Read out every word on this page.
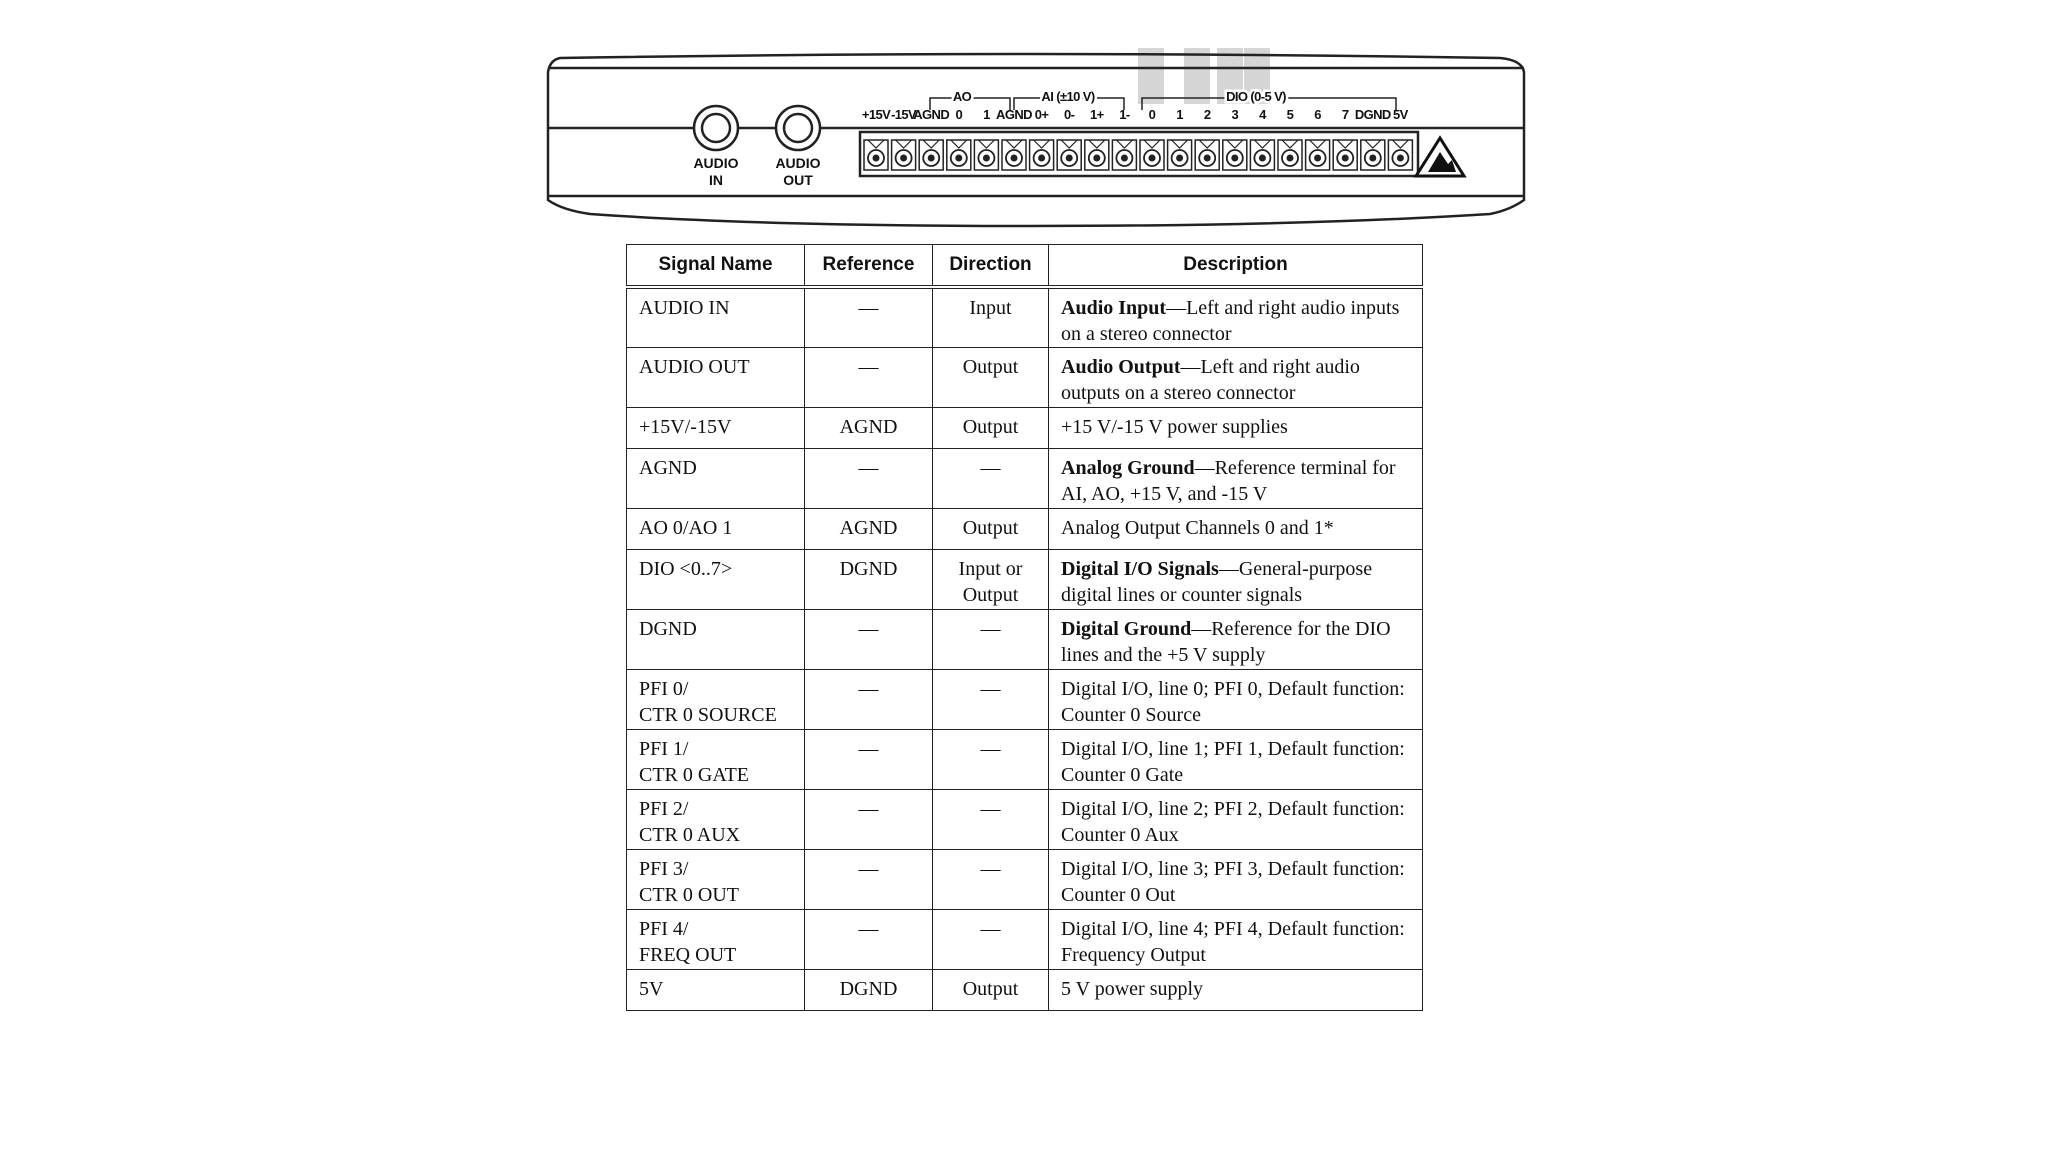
AUDIO
IN
AUDIO
OUT
AO	AI (±10 V)	DIO (0-5 V)
+15V -15V
AGND 0 1 AGND 0+ 0- 1+ 1- 0 1 2 3 4 5 6 7 DGND 5V
Signal Name	Reference	Direction	Description

AUDIO IN	—	Input	Audio Input—Left and right audio inputs on a stereo connector

AUDIO OUT	—	Output	Audio Output—Left and right audio outputs on a stereo connector

+15V/-15V	AGND	Output	+15 V/-15 V power supplies

AGND	—	—	Analog Ground—Reference terminal for AI, AO, +15 V, and -15 V

AO 0/AO 1	AGND	Output	Analog Output Channels 0 and 1*

DIO <0..7>	DGND	Input or Output	Digital I/O Signals—General-purpose digital lines or counter signals

DGND	—	—	Digital Ground—Reference for the DIO lines and the +5 V supply

PFI 0/
CTR 0 SOURCE	—	—	Digital I/O, line 0; PFI 0, Default function: Counter 0 Source

PFI 1/
CTR 0 GATE	—	—	Digital I/O, line 1; PFI 1, Default function: Counter 0 Gate

PFI 2/
CTR 0 AUX	—	—	Digital I/O, line 2; PFI 2, Default function: Counter 0 Aux

PFI 3/
CTR 0 OUT	—	—	Digital I/O, line 3; PFI 3, Default function: Counter 0 Out

PFI 4/
FREQ OUT	—	—	Digital I/O, line 4; PFI 4, Default function: Frequency Output

5V	DGND	Output	5 V power supply
